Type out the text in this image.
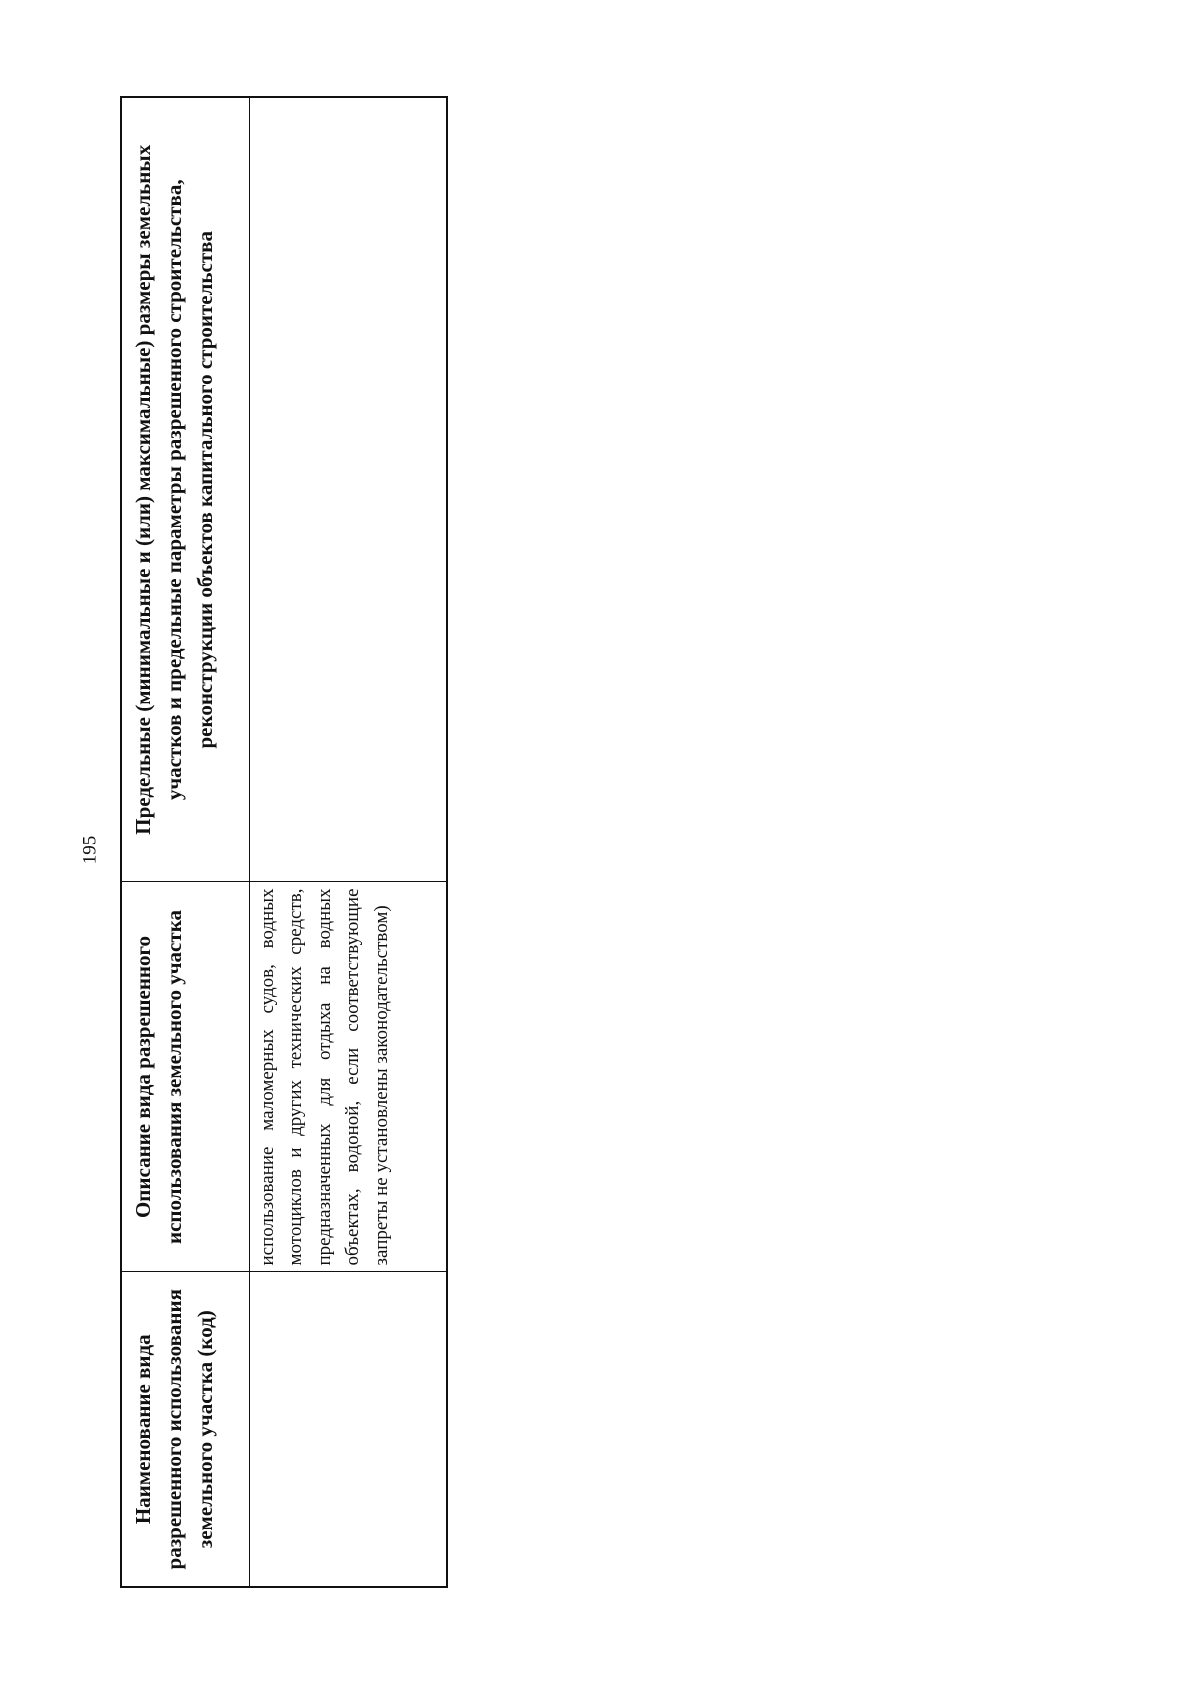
195
Наименование вида разрешенного использования земельного участка (код)	Описание вида разрешенного использования земельного участка	Предельные (минимальные и (или) максимальные) размеры земельных участков и предельные параметры разрешенного строительства, реконструкции объектов капитального строительства
	использование маломерных судов, водных мотоциклов и других технических средств, предназначенных для отдыха на водных объектах, водоной, если соответствующие запреты не установлены законодательством)	
